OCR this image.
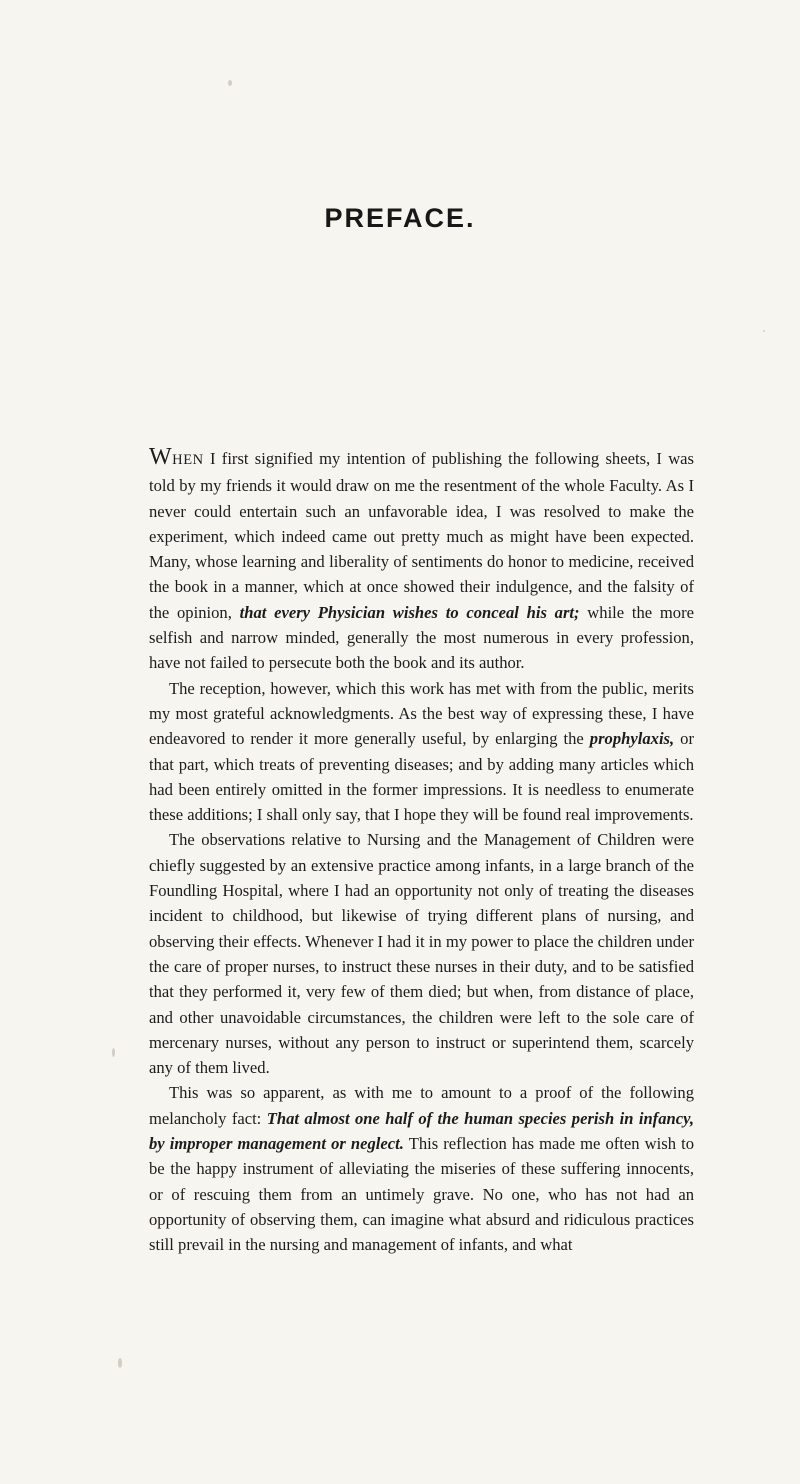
PREFACE.

WHEN I first signified my intention of publishing the following sheets, I was told by my friends it would draw on me the resentment of the whole Faculty. As I never could entertain such an unfavorable idea, I was resolved to make the experiment, which indeed came out pretty much as might have been expected. Many, whose learning and liberality of sentiments do honor to medicine, received the book in a manner, which at once showed their indulgence, and the falsity of the opinion, that every Physician wishes to conceal his art; while the more selfish and narrow minded, generally the most numerous in every profession, have not failed to persecute both the book and its author.

The reception, however, which this work has met with from the public, merits my most grateful acknowledgments. As the best way of expressing these, I have endeavored to render it more generally useful, by enlarging the prophylaxis, or that part, which treats of preventing diseases; and by adding many articles which had been entirely omitted in the former impressions. It is needless to enumerate these additions; I shall only say, that I hope they will be found real improvements.

The observations relative to Nursing and the Management of Children were chiefly suggested by an extensive practice among infants, in a large branch of the Foundling Hospital, where I had an opportunity not only of treating the diseases incident to childhood, but likewise of trying different plans of nursing, and observing their effects. Whenever I had it in my power to place the children under the care of proper nurses, to instruct these nurses in their duty, and to be satisfied that they performed it, very few of them died; but when, from distance of place, and other unavoidable circumstances, the children were left to the sole care of mercenary nurses, without any person to instruct or superintend them, scarcely any of them lived.

This was so apparent, as with me to amount to a proof of the following melancholy fact: That almost one half of the human species perish in infancy, by improper management or neglect. This reflection has made me often wish to be the happy instrument of alleviating the miseries of these suffering innocents, or of rescuing them from an untimely grave. No one, who has not had an opportunity of observing them, can imagine what absurd and ridiculous practices still prevail in the nursing and management of infants, and what
